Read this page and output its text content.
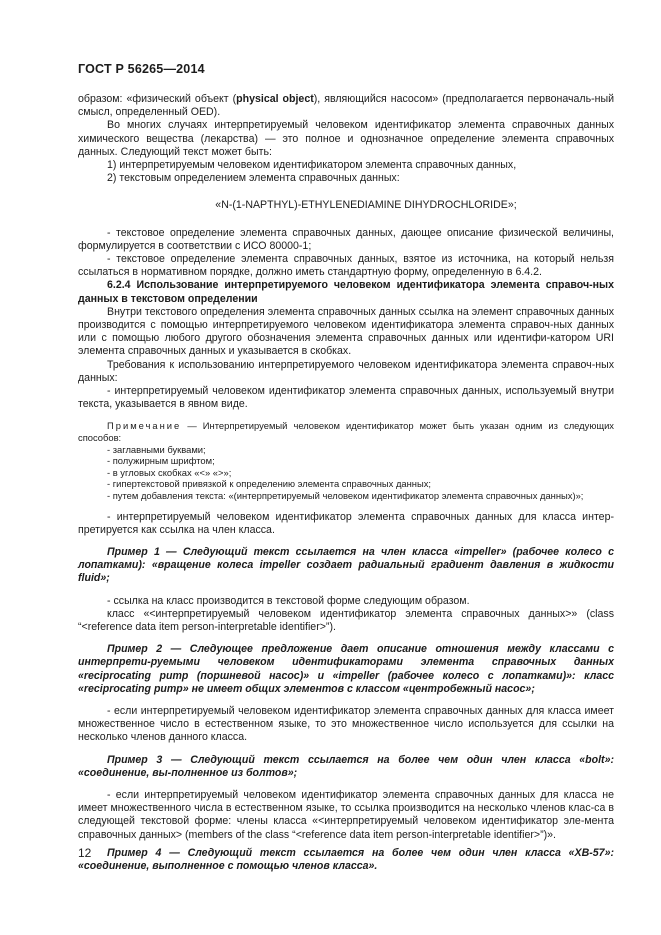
ГОСТ Р 56265—2014

образом: «физический объект (physical object), являющийся насосом» (предполагается первоначаль-ный смысл, определенный OED).

Во многих случаях интерпретируемый человеком идентификатор элемента справочных данных химического вещества (лекарства) — это полное и однозначное определение элемента справочных данных. Следующий текст может быть:

1) интерпретируемым человеком идентификатором элемента справочных данных,

2) текстовым определением элемента справочных данных:

«N-(1-NAPTHYL)-ETHYLENEDIAMINE DIHYDROCHLORIDE»;

- текстовое определение элемента справочных данных, дающее описание физической величины, формулируется в соответствии с ИСО 80000-1;

- текстовое определение элемента справочных данных, взятое из источника, на который нельзя ссылаться в нормативном порядке, должно иметь стандартную форму, определенную в 6.4.2.

6.2.4 Использование интерпретируемого человеком идентификатора элемента справоч-ных данных в текстовом определении

Внутри текстового определения элемента справочных данных ссылка на элемент справочных данных производится с помощью интерпретируемого человеком идентификатора элемента справоч-ных данных или с помощью любого другого обозначения элемента справочных данных или идентифи-катором URI элемента справочных данных и указывается в скобках.

Требования к использованию интерпретируемого человеком идентификатора элемента справоч-ных данных:

- интерпретируемый человеком идентификатор элемента справочных данных, используемый внутри текста, указывается в явном виде.

Примечание — Интерпретируемый человеком идентификатор может быть указан одним из следующих способов:

- заглавными буквами;

- полужирным шрифтом;

- в угловых скобках «<» «>»;

- гипертекстовой привязкой к определению элемента справочных данных;

- путем добавления текста: «(интерпретируемый человеком идентификатор элемента справочных данных)»;

- интерпретируемый человеком идентификатор элемента справочных данных для класса интер-претируется как ссылка на член класса.

Пример 1 — Следующий текст ссылается на член класса «impeller» (рабочее колесо с лопатками): «вращение колеса impeller создает радиальный градиент давления в жидкости fluid»;

- ссылка на класс производится в текстовой форме следующим образом.

класс «<интерпретируемый человеком идентификатор элемента справочных данных>» (class “<reference data item person-interpretable identifier>”).

Пример 2 — Следующее предложение дает описание отношения между классами с интерпрети-руемыми человеком идентификаторами элемента справочных данных «reciprocating pump (поршневой насос)» и «impeller (рабочее колесо с лопатками)»: класс «reciprocating pump» не имеет общих элементов с классом «центробежный насос»;

- если интерпретируемый человеком идентификатор элемента справочных данных для класса имеет множественное число в естественном языке, то это множественное число используется для ссылки на несколько членов данного класса.

Пример 3 — Следующий текст ссылается на более чем один член класса «bolt»: «соединение, вы-полненное из болтов»;

- если интерпретируемый человеком идентификатор элемента справочных данных для класса не имеет множественного числа в естественном языке, то ссылка производится на несколько членов клас-са в следующей текстовой форме: члены класса «<интерпретируемый человеком идентификатор эле-мента справочных данных> (members of the class “<reference data item person-interpretable identifier>”)».

Пример 4 — Следующий текст ссылается на более чем один член класса «XB-57»: «соединение, выполненное с помощью членов класса».

12
